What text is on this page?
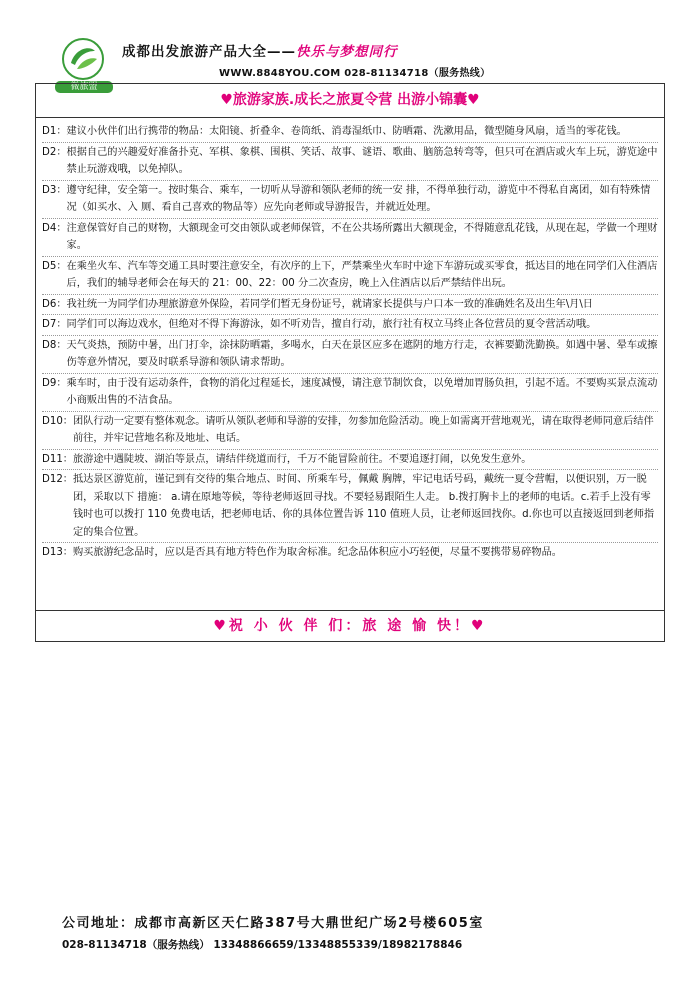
微旅盟
成都出发旅游产品大全——快乐与梦想同行
WWW.8848YOU.COM 028-81134718（服务热线）
♥旅游家族.成长之旅夏令营 出游小锦囊♥
D1： 建议小伙伴们出行携带的物品：太阳镜、折叠伞、卷筒纸、消毒湿纸巾、防晒霜、洗漱用品，微型随身风扇，适当的零花钱。
D2： 根据自己的兴趣爱好准备扑克、军棋、象棋、围棋、笑话、故事、谜语、歌曲、脑筋急转弯等，但只可在酒店或火车上玩，游览途中禁止玩游戏哦，以免掉队。
D3： 遵守纪律，安全第一。按时集合、乘车，一切听从导游和领队老师的统一安 排，不得单独行动，游览中不得私自离团，如有特殊情况（如买水、入 厕、看自己喜欢的物品等）应先向老师或导游报告，并就近处理。
D4： 注意保管好自己的财物，大额现金可交由领队或老师保管，不在公共场所露出大额现金，不得随意乱花钱，从现在起，学做一个理财家。
D5： 在乘坐火车、汽车等交通工具时要注意安全，有次序的上下，严禁乘坐火车时中途下车游玩或买零食，抵达目的地在同学们入住酒店后，我们的辅导老师会在每天的 21：00、22：00 分二次查房，晚上入住酒店以后严禁结伴出玩。
D6： 我社统一为同学们办理旅游意外保险，若同学们暂无身份证号，就请家长提供与户口本一致的准确姓名及出生年\月\日
D7： 同学们可以海边戏水，但绝对不得下海游泳，如不听劝告，擅自行动，旅行社有权立马终止各位营员的夏令营活动哦。
D8： 天气炎热，预防中暑，出门打伞，涂抹防晒霜，多喝水，白天在景区应多在遮阴的地方行走，衣裤要勤洗勤换。如遇中暑、晕车或擦伤等意外情况，要及时联系导游和领队请求帮助。
D9： 乘车时，由于没有运动条件，食物的消化过程延长，速度减慢，请注意节制饮食，以免增加胃肠负担，引起不适。不要购买景点流动小商贩出售的不洁食品。
D10： 团队行动一定要有整体观念。请听从领队老师和导游的安排，勿参加危险活动。晚上如需离开营地观光，请在取得老师同意后结伴前往，并牢记营地名称及地址、电话。
D11： 旅游途中遇陡坡、湖泊等景点，请结伴绕道而行，千万不能冒险前往。不要追逐打闹，以免发生意外。
D12： 抵达景区游览前，谨记到有交待的集合地点、时间、所乘车号，佩戴 胸牌，牢记电话号码，戴统一夏令营帽，以便识别，万一脱团，采取以下 措施： a.请在原地等候，等待老师返回寻找。不要轻易跟陌生人走。 b.拨打胸卡上的老师的电话。c.若手上没有零钱时也可以拨打 110 免费电话，把老师电话、你的具体位置告诉 110 值班人员，让老师返回找你。d.你也可以直接返回到老师指定的集合位置。
D13： 购买旅游纪念品时，应以是否具有地方特色作为取舍标准。纪念品体积应小巧轻便，尽量不要携带易碎物品。
♥祝 小 伙 伴 们：旅 途 愉 快！♥
公司地址：成都市高新区天仁路387号大鼎世纪广场2号楼605室
028-81134718（服务热线） 13348866659/13348855339/18982178846
